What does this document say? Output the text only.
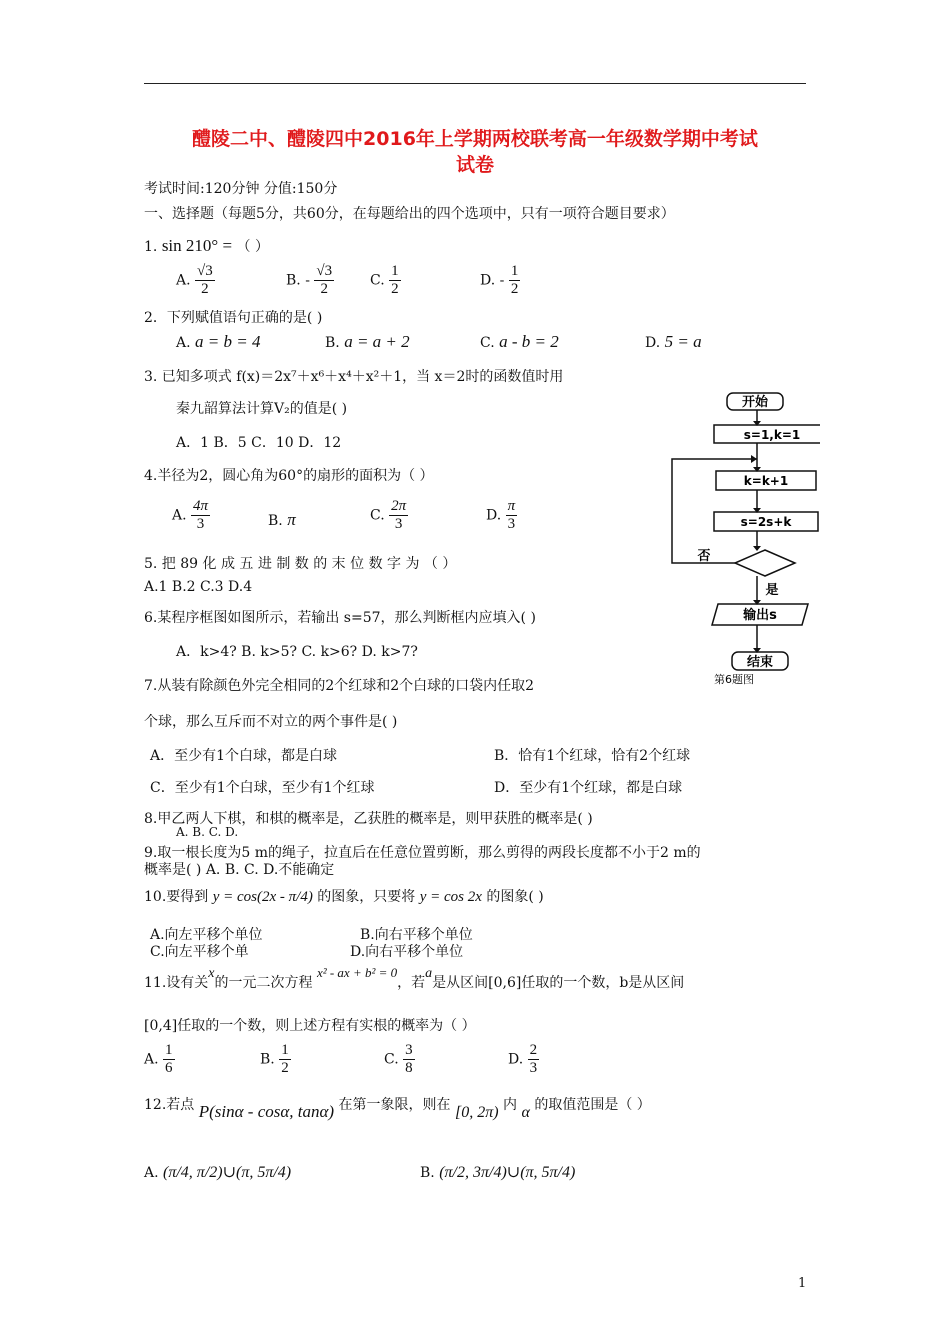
醴陵二中、醴陵四中2016年上学期两校联考高一年级数学期中考试
试卷
考试时间:120分钟 分值:150分
一、选择题（每题5分，共60分，在每题给出的四个选项中，只有一项符合题目要求）
1. sin 210° = （ ）
A. $\frac{√3}{2}$	B. - $\frac{√3}{2}$	C. $\frac{1}{2}$	D. - $\frac{1}{2}$
2．下列赋值语句正确的是( )
A. a = b = 4	B. a = a + 2	C. a - b = 2	D. 5 = a
3. 已知多项式 f(x)＝2x⁷＋x⁶＋x⁴＋x²＋1，当 x＝2时的函数值时用
秦九韶算法计算V₂的值是( )
A．1 B．5 C．10 D．12
4.半径为2，圆心角为60°的扇形的面积为（ ）
A. $\frac{4\pi}{3}$	B. π	C. $\frac{2\pi}{3}$	D. $\frac{\pi}{3}$
5. 把 89 化 成 五 进 制 数 的 末 位 数 字 为 （ ）
A.1 B.2 C.3 D.4
6.某程序框图如图所示，若输出 s=57，那么判断框内应填入( )
A．k>4? B. k>5? C. k>6? D. k>7?
开始
s=1,k=1
k=k+1
s=2s+k
否
是
输出s
结束
第6题图
7.从装有除颜色外完全相同的2个红球和2个白球的口袋内任取2
个球，那么互斥而不对立的两个事件是( )
A．至少有1个白球，都是白球	B．恰有1个红球，恰有2个红球
C．至少有1个白球，至少有1个红球	D．至少有1个红球，都是白球
8.甲乙两人下棋，和棋的概率是，乙获胜的概率是，则甲获胜的概率是( )
A. B. C. D.
9.取一根长度为5 m的绳子，拉直后在任意位置剪断，那么剪得的两段长度都不小于2 m的
概率是( ) A. B. C. D.不能确定
10.要得到 y = cos(2x - π/4) 的图象，只要将 y = cos 2x 的图象( )
A.向左平移个单位	B.向右平移个单位
C.向左平移个单	D.向右平移个单位
11.设有关x的一元二次方程 x² - ax + b² = 0，若a是从区间[0,6]任取的一个数，b是从区间
[0,4]任取的一个数，则上述方程有实根的概率为（ ）
A. $\frac{1}{6}$	B. $\frac{1}{2}$	C. $\frac{3}{8}$	D. $\frac{2}{3}$
12.若点 P(sinα - cosα, tanα) 在第一象限，则在 [0, 2π) 内 α 的取值范围是（ ）
A. (π/4, π/2)∪(π, 5π/4)	B. (π/2, 3π/4)∪(π, 5π/4)
1
